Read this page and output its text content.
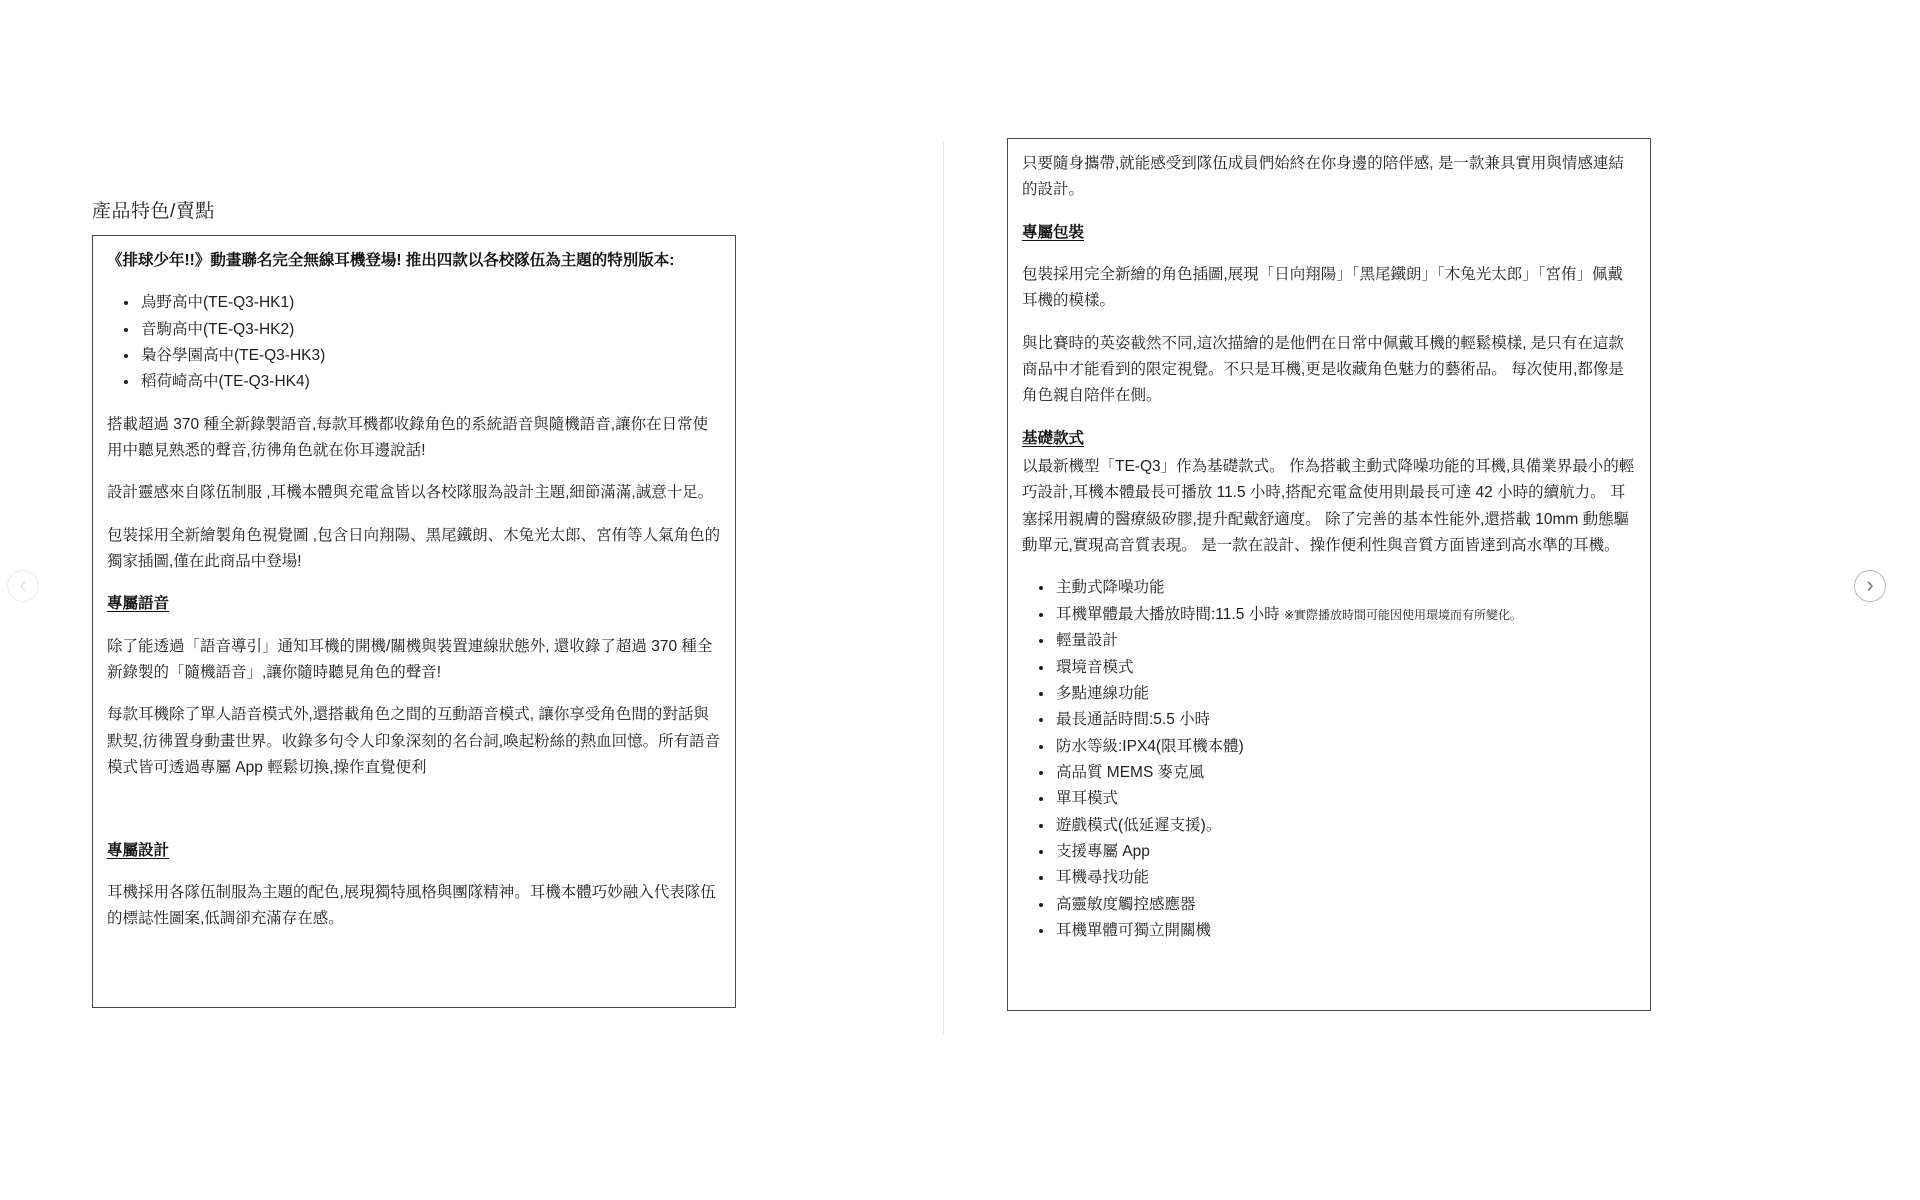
產品特色/賣點
《排球少年!!》動畫聯名完全無線耳機登場! 推出四款以各校隊伍為主題的特別版本:
• 烏野高中(TE-Q3-HK1)
• 音駒高中(TE-Q3-HK2)
• 梟谷學園高中(TE-Q3-HK3)
• 稻荷崎高中(TE-Q3-HK4)
搭載超過 370 種全新錄製語音,每款耳機都收錄角色的系統語音與隨機語音,讓你在日常使用中聽見熟悉的聲音,彷彿角色就在你耳邊說話!
設計靈感來自隊伍制服 ,耳機本體與充電盒皆以各校隊服為設計主題,細節滿滿,誠意十足。
包裝採用全新繪製角色視覺圖 ,包含日向翔陽、黑尾鐵朗、木兔光太郎、宮侑等人氣角色的獨家插圖,僅在此商品中登場!
專屬語音
除了能透過「語音導引」通知耳機的開機/關機與裝置連線狀態外, 還收錄了超過 370 種全新錄製的「隨機語音」,讓你隨時聽見角色的聲音!
每款耳機除了單人語音模式外,還搭載角色之間的互動語音模式, 讓你享受角色間的對話與默契,彷彿置身動畫世界。收錄多句令人印象深刻的名台詞,喚起粉絲的熱血回憶。所有語音模式皆可透過專屬 App 輕鬆切換,操作直覺便利
專屬設計
耳機採用各隊伍制服為主題的配色,展現獨特風格與團隊精神。耳機本體巧妙融入代表隊伍的標誌性圖案,低調卻充滿存在感。
只要隨身攜帶,就能感受到隊伍成員們始終在你身邊的陪伴感, 是一款兼具實用與情感連結的設計。
專屬包裝
包裝採用完全新繪的角色插圖,展現「日向翔陽」「黑尾鐵朗」「木兔光太郎」「宮侑」佩戴耳機的模樣。
與比賽時的英姿截然不同,這次描繪的是他們在日常中佩戴耳機的輕鬆模樣, 是只有在這款商品中才能看到的限定視覺。不只是耳機,更是收藏角色魅力的藝術品。 每次使用,都像是角色親自陪伴在側。
基礎款式
以最新機型「TE-Q3」作為基礎款式。 作為搭載主動式降噪功能的耳機,具備業界最小的輕巧設計,耳機本體最長可播放 11.5 小時,搭配充電盒使用則最長可達 42 小時的續航力。 耳塞採用親膚的醫療級矽膠,提升配戴舒適度。 除了完善的基本性能外,還搭載 10mm 動態驅動單元,實現高音質表現。 是一款在設計、操作便利性與音質方面皆達到高水準的耳機。
• 主動式降噪功能
• 耳機單體最大播放時間:11.5 小時 ※實際播放時間可能因使用環境而有所變化。
• 輕量設計
• 環境音模式
• 多點連線功能
• 最長通話時間:5.5 小時
• 防水等級:IPX4(限耳機本體)
• 高品質 MEMS 麥克風
• 單耳模式
• 遊戲模式(低延遲支援)。
• 支援專屬 App
• 耳機尋找功能
• 高靈敏度觸控感應器
• 耳機單體可獨立開關機
‹	›
